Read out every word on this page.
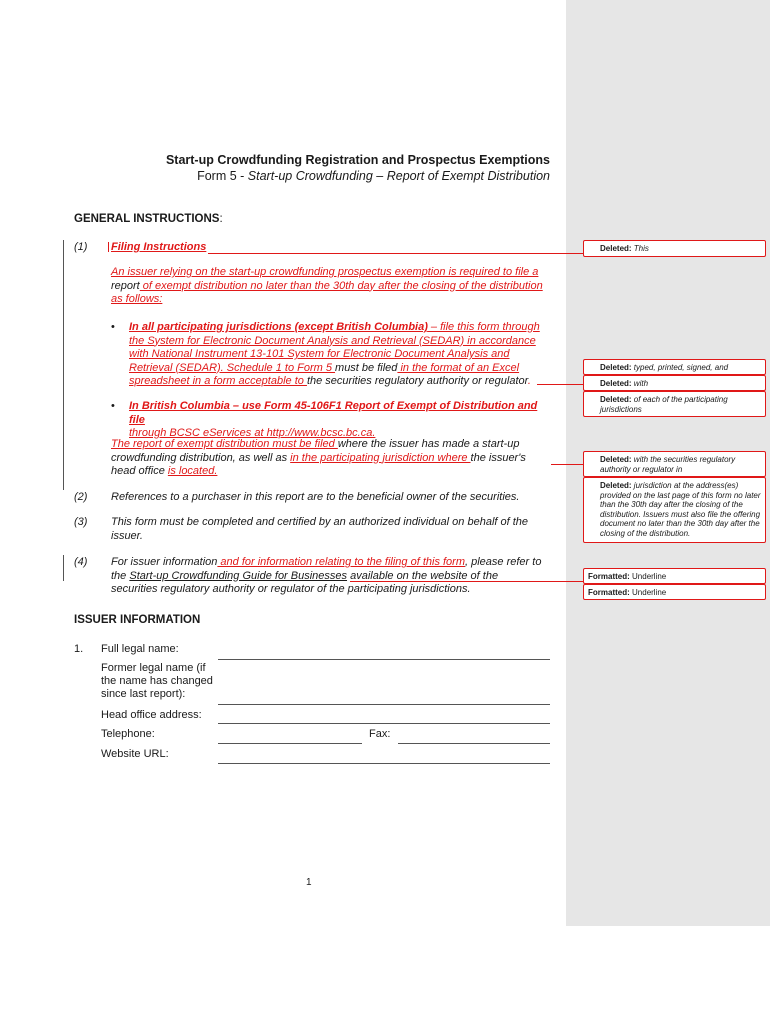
Start-up Crowdfunding Registration and Prospectus Exemptions
Form 5 - Start-up Crowdfunding – Report of Exempt Distribution
GENERAL INSTRUCTIONS:
(1) Filing Instructions
An issuer relying on the start-up crowdfunding prospectus exemption is required to file a
report of exempt distribution no later than the 30th day after the closing of the distribution
as follows:
• In all participating jurisdictions (except British Columbia) – file this form through
the System for Electronic Document Analysis and Retrieval (SEDAR) in accordance
with National Instrument 13-101 System for Electronic Document Analysis and
Retrieval (SEDAR). Schedule 1 to Form 5 must be filed in the format of an Excel
spreadsheet in a form acceptable to the securities regulatory authority or regulator.
• In British Columbia – use Form 45-106F1 Report of Exempt of Distribution and file
through BCSC eServices at http://www.bcsc.bc.ca.
The report of exempt distribution must be filed where the issuer has made a start-up
crowdfunding distribution, as well as in the participating jurisdiction where the issuer's
head office is located.
(2) References to a purchaser in this report are to the beneficial owner of the securities.
(3) This form must be completed and certified by an authorized individual on behalf of the
issuer.
(4) For issuer information and for information relating to the filing of this form, please refer to
the Start-up Crowdfunding Guide for Businesses available on the website of the
securities regulatory authority or regulator of the participating jurisdictions.
ISSUER INFORMATION
1. Full legal name:
Former legal name (if
the name has changed
since last report):
Head office address:
Telephone:	Fax:
Website URL:
1
Deleted: This
Deleted: typed, printed, signed, and
Deleted: with
Deleted: of each of the participating jurisdictions
Deleted: with the securities regulatory authority or regulator in
Deleted: jurisdiction at the address(es) provided on the last page of this form no later than the 30th day after the closing of the distribution. Issuers must also file the offering document no later than the 30th day after the closing of the distribution.
Formatted: Underline
Formatted: Underline
